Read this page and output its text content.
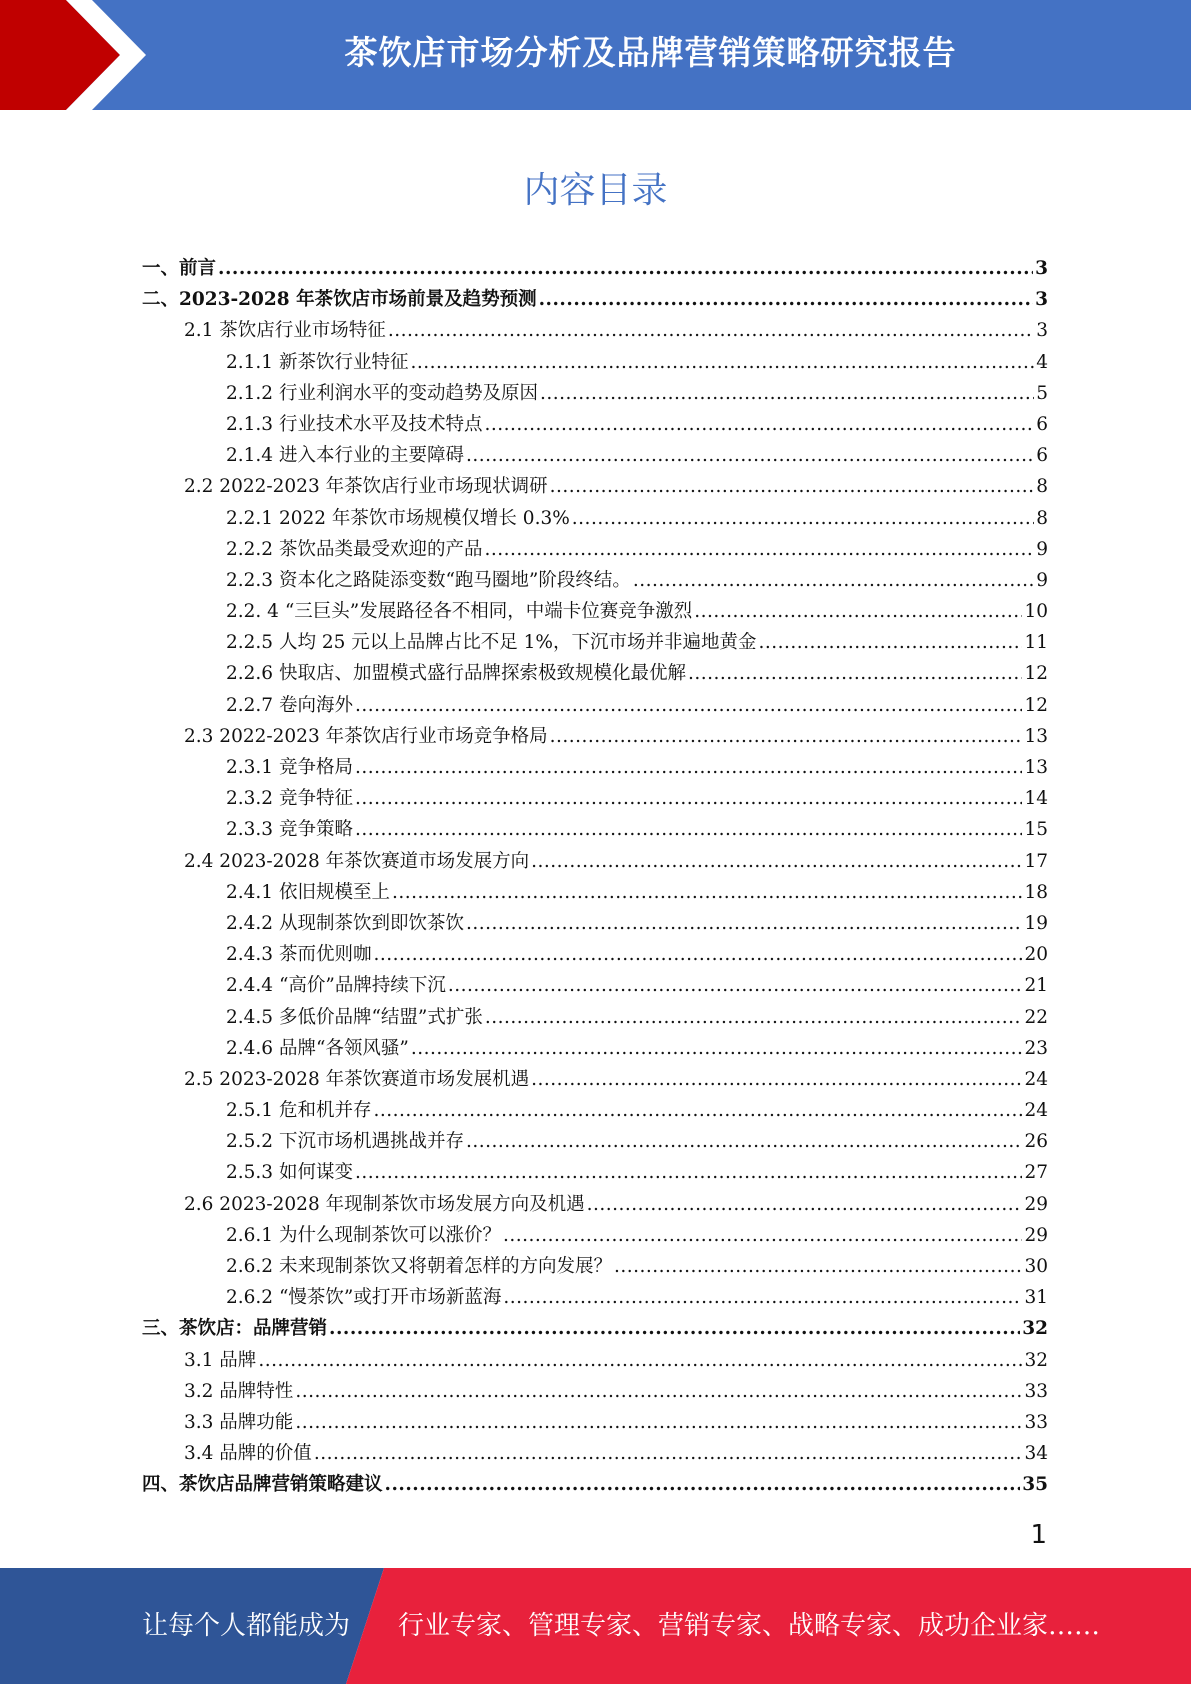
茶饮店市场分析及品牌营销策略研究报告
内容目录
一、前言 .....	3
二、2023-2028 年茶饮店市场前景及趋势预测 .....	3
2.1 茶饮店行业市场特征 .....	3
2.1.1 新茶饮行业特征 .....	4
2.1.2 行业利润水平的变动趋势及原因 .....	5
2.1.3 行业技术水平及技术特点 .....	6
2.1.4 进入本行业的主要障碍 .....	6
2.2 2022-2023 年茶饮店行业市场现状调研 .....	8
2.2.1 2022 年茶饮市场规模仅增长 0.3% .....	8
2.2.2 茶饮品类最受欢迎的产品 .....	9
2.2.3 资本化之路陡添变数“跑马圈地”阶段终结。 .....	9
2.2. 4 “三巨头”发展路径各不相同，中端卡位赛竞争激烈 .....	10
2.2.5 人均 25 元以上品牌占比不足 1%，下沉市场并非遍地黄金 .....	11
2.2.6 快取店、加盟模式盛行品牌探索极致规模化最优解 .....	12
2.2.7 卷向海外 .....	12
2.3 2022-2023 年茶饮店行业市场竞争格局 .....	13
2.3.1 竞争格局 .....	13
2.3.2 竞争特征 .....	14
2.3.3 竞争策略 .....	15
2.4 2023-2028 年茶饮赛道市场发展方向 .....	17
2.4.1 依旧规模至上 .....	18
2.4.2 从现制茶饮到即饮茶饮 .....	19
2.4.3 茶而优则咖 .....	20
2.4.4 “高价”品牌持续下沉 .....	21
2.4.5 多低价品牌“结盟”式扩张 .....	22
2.4.6 品牌“各领风骚” .....	23
2.5 2023-2028 年茶饮赛道市场发展机遇 .....	24
2.5.1 危和机并存 .....	24
2.5.2 下沉市场机遇挑战并存 .....	26
2.5.3 如何谋变 .....	27
2.6 2023-2028 年现制茶饮市场发展方向及机遇 .....	29
2.6.1 为什么现制茶饮可以涨价？ .....	29
2.6.2 未来现制茶饮又将朝着怎样的方向发展？ .....	30
2.6.2 “慢茶饮”或打开市场新蓝海 .....	31
三、茶饮店：品牌营销 .....	32
3.1 品牌 .....	32
3.2 品牌特性 .....	33
3.3 品牌功能 .....	33
3.4 品牌的价值 .....	34
四、茶饮店品牌营销策略建议 .....	35
1
让每个人都能成为 行业专家、管理专家、营销专家、战略专家、成功企业家……
